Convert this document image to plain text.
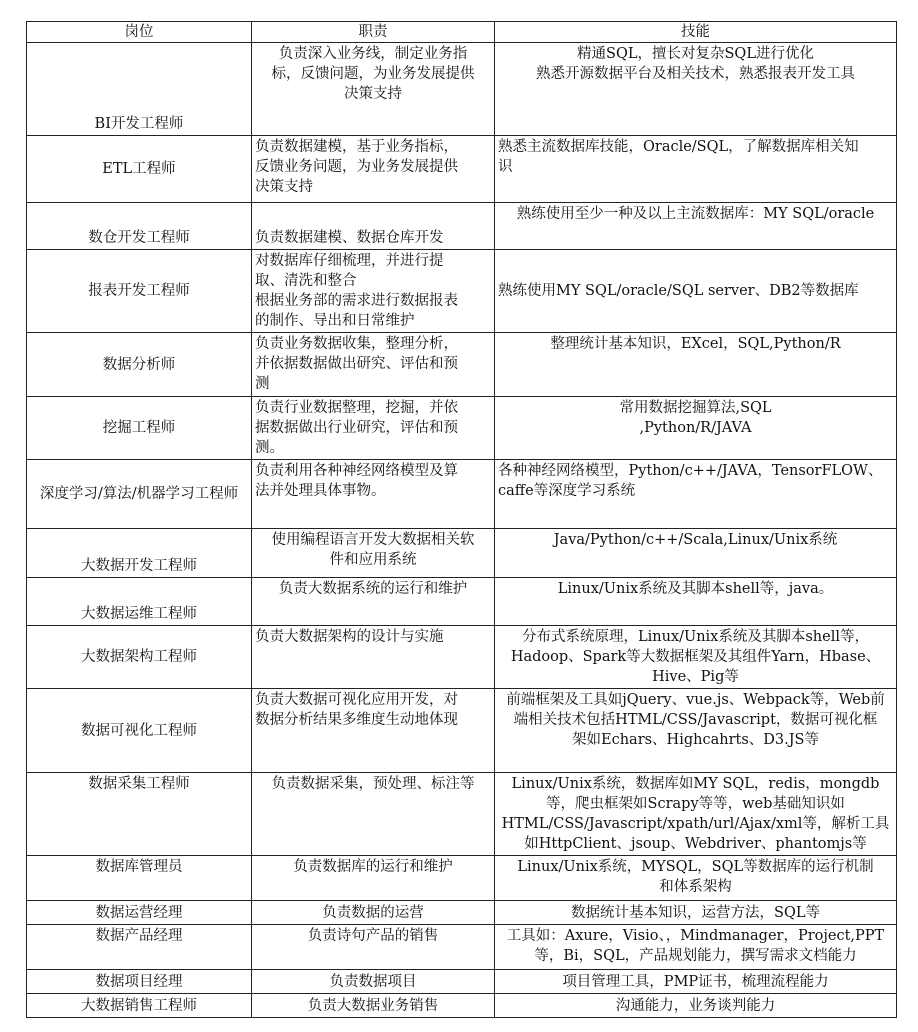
岗位	职责	技能
BI开发工程师	负责深入业务线，制定业务指
标，反馈问题，为业务发展提供
决策支持	精通SQL，擅长对复杂SQL进行优化
熟悉开源数据平台及相关技术，熟悉报表开发工具

ETL工程师	负责数据建模，基于业务指标，
反馈业务问题，为业务发展提供
决策支持	熟悉主流数据库技能，Oracle/SQL，了解数据库相关知
识

数仓开发工程师	负责数据建模、数据仓库开发	熟练使用至少一种及以上主流数据库：MY SQL/oracle

报表开发工程师	对数据库仔细梳理，并进行提
取、清洗和整合
根据业务部的需求进行数据报表
的制作、导出和日常维护	熟练使用MY SQL/oracle/SQL server、DB2等数据库

数据分析师	负责业务数据收集，整理分析，
并依据数据做出研究、评估和预
测	整理统计基本知识，EXcel，SQL,Python/R

挖掘工程师	负责行业数据整理，挖掘，并依
据数据做出行业研究，评估和预
测。	常用数据挖掘算法,SQL
,Python/R/JAVA

深度学习/算法/机器学习工程师	负责利用各种神经网络模型及算
法并处理具体事物。	各种神经网络模型，Python/c++/JAVA，TensorFLOW、
caffe等深度学习系统

大数据开发工程师	使用编程语言开发大数据相关软
件和应用系统	Java/Python/c++/Scala,Linux/Unix系统

大数据运维工程师	负责大数据系统的运行和维护	Linux/Unix系统及其脚本shell等，java。

大数据架构工程师	负责大数据架构的设计与实施	分布式系统原理，Linux/Unix系统及其脚本shell等，
Hadoop、Spark等大数据框架及其组件Yarn，Hbase、
Hive、Pig等

数据可视化工程师	负责大数据可视化应用开发，对
数据分析结果多维度生动地体现	前端框架及工具如jQuery、vue.js、Webpack等，Web前
端相关技术包括HTML/CSS/Javascript，数据可视化框
架如Echars、Highcahrts、D3.JS等

数据采集工程师	负责数据采集，预处理、标注等	Linux/Unix系统，数据库如MY SQL，redis，mongdb
等，爬虫框架如Scrapy等等，web基础知识如
HTML/CSS/Javascript/xpath/url/Ajax/xml等，解析工具
如HttpClient、jsoup、Webdriver、phantomjs等

数据库管理员	负责数据库的运行和维护	Linux/Unix系统，MYSQL，SQL等数据库的运行机制
和体系架构

数据运营经理	负责数据的运营	数据统计基本知识，运营方法，SQL等

数据产品经理	负责诗句产品的销售	工具如：Axure，Visio、，Mindmanager，Project,PPT
等，Bi，SQL，产品规划能力，撰写需求文档能力

数据项目经理	负责数据项目	项目管理工具，PMP证书，梳理流程能力

大数据销售工程师	负责大数据业务销售	沟通能力，业务谈判能力
